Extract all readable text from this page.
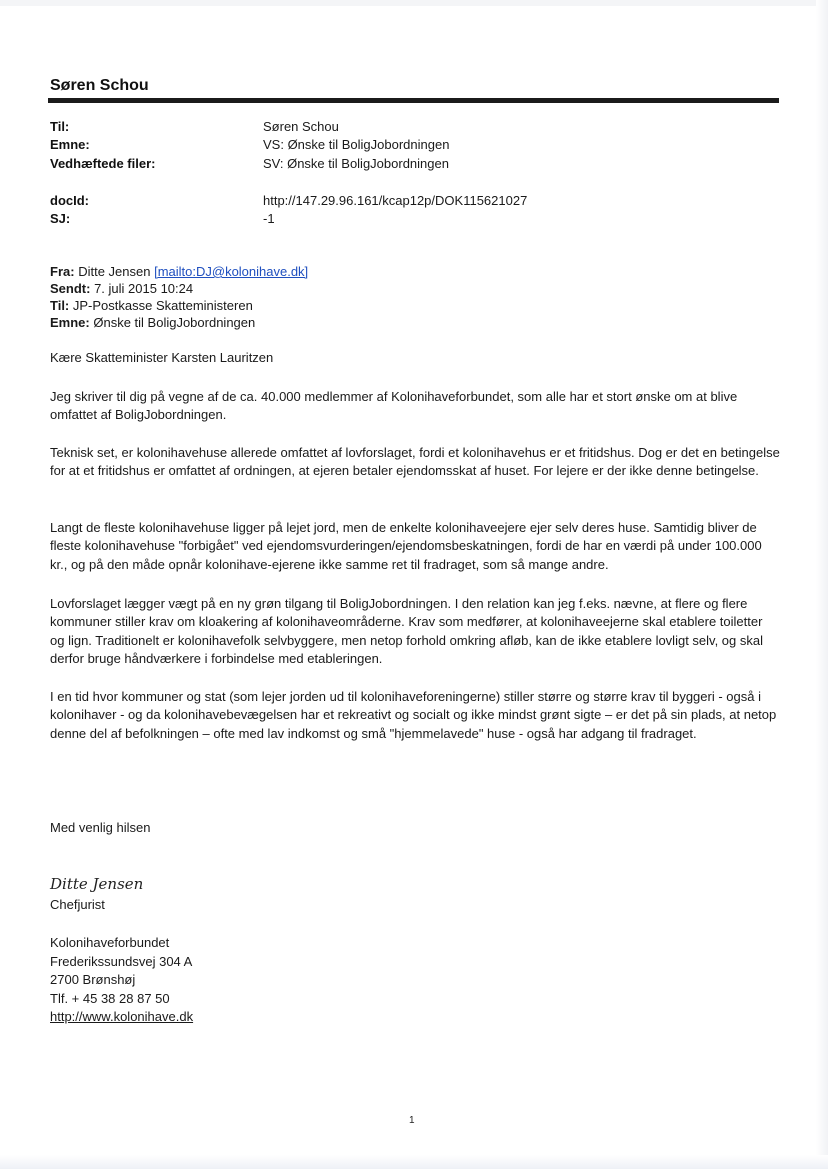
Søren Schou
Til:	Søren Schou
Emne:	VS: Ønske til BoligJobordningen
Vedhæftede filer:	SV: Ønske til BoligJobordningen
docId:	http://147.29.96.161/kcap12p/DOK115621027
SJ:	-1
Fra: Ditte Jensen [mailto:DJ@kolonihave.dk]
Sendt: 7. juli 2015 10:24
Til: JP-Postkasse Skatteministeren
Emne: Ønske til BoligJobordningen

Kære Skatteminister Karsten Lauritzen

Jeg skriver til dig på vegne af de ca. 40.000 medlemmer af Kolonihaveforbundet, som alle har et stort ønske om at blive omfattet af BoligJobordningen.

Teknisk set, er kolonihavehuse allerede omfattet af lovforslaget, fordi et kolonihavehus er et fritidshus. Dog er det en betingelse for at et fritidshus er omfattet af ordningen, at ejeren betaler ejendomsskat af huset. For lejere er der ikke denne betingelse.

Langt de fleste kolonihavehuse ligger på lejet jord, men de enkelte kolonihaveejere ejer selv deres huse. Samtidig bliver de fleste kolonihavehuse "forbigået" ved ejendomsvurderingen/ejendomsbeskatningen, fordi de har en værdi på under 100.000 kr., og på den måde opnår kolonihave-ejerene ikke samme ret til fradraget, som så mange andre.

Lovforslaget lægger vægt på en ny grøn tilgang til BoligJobordningen. I den relation kan jeg f.eks. nævne, at flere og flere kommuner stiller krav om kloakering af kolonihaveområderne. Krav som medfører, at kolonihaveejerne skal etablere toiletter og lign. Traditionelt er kolonihavefolk selvbyggere, men netop forhold omkring afløb, kan de ikke etablere lovligt selv, og skal derfor bruge håndværkere i forbindelse med etableringen.

I en tid hvor kommuner og stat (som lejer jorden ud til kolonihaveforeningerne) stiller større og større krav til byggeri - også i kolonihaver - og da kolonihavebevægelsen har et rekreativt og socialt og ikke mindst grønt sigte – er det på sin plads, at netop denne del af befolkningen – ofte med lav indkomst og små "hjemmelavede" huse - også har adgang til fradraget.

Med venlig hilsen

Ditte Jensen
Chefjurist
Kolonihaveforbundet
Frederikssundsvej 304 A
2700 Brønshøj
Tlf. + 45 38 28 87 50
http://www.kolonihave.dk
1
